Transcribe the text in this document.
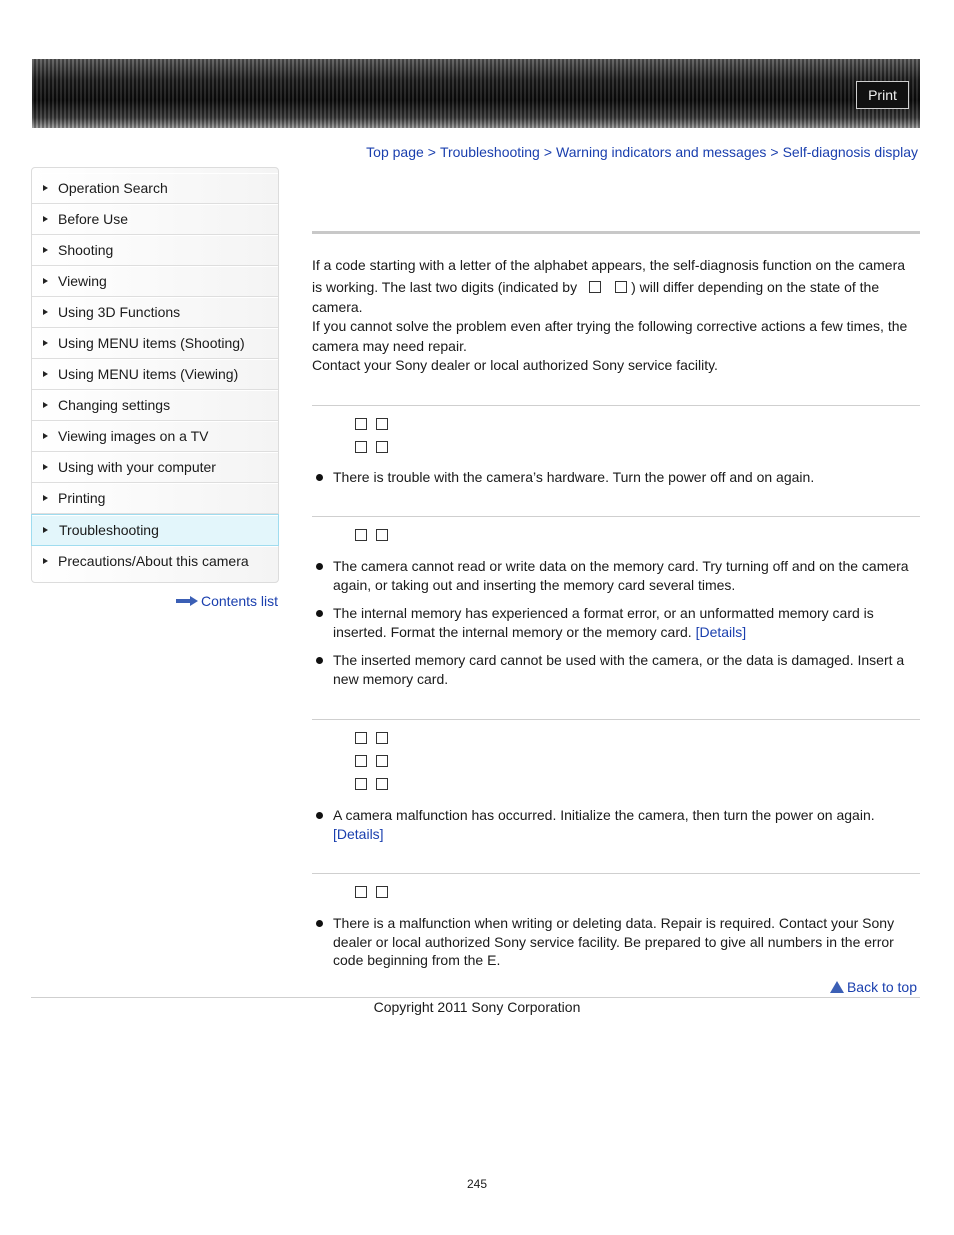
Print
Top page > Troubleshooting > Warning indicators and messages > Self-diagnosis display
Operation Search
Before Use
Shooting
Viewing
Using 3D Functions
Using MENU items (Shooting)
Using MENU items (Viewing)
Changing settings
Viewing images on a TV
Using with your computer
Printing
Troubleshooting
Precautions/About this camera
Contents list

If a code starting with a letter of the alphabet appears, the self-diagnosis function on the camera

is working. The last two digits (indicated by	) will differ depending on the state of the

camera.

If you cannot solve the problem even after trying the following corrective actions a few times, the

camera may need repair.

Contact your Sony dealer or local authorized Sony service facility.

There is trouble with the camera’s hardware. Turn the power off and on again.
The camera cannot read or write data on the memory card. Try turning off and on the camera again, or taking out and inserting the memory card several times.
The internal memory has experienced a format error, or an unformatted memory card is inserted. Format the internal memory or the memory card. [Details]
The inserted memory card cannot be used with the camera, or the data is damaged. Insert a new memory card.
A camera malfunction has occurred. Initialize the camera, then turn the power on again.
[Details]
There is a malfunction when writing or deleting data. Repair is required. Contact your Sony dealer or local authorized Sony service facility. Be prepared to give all numbers in the error code beginning from the E.
Back to top
Copyright 2011 Sony Corporation
245
